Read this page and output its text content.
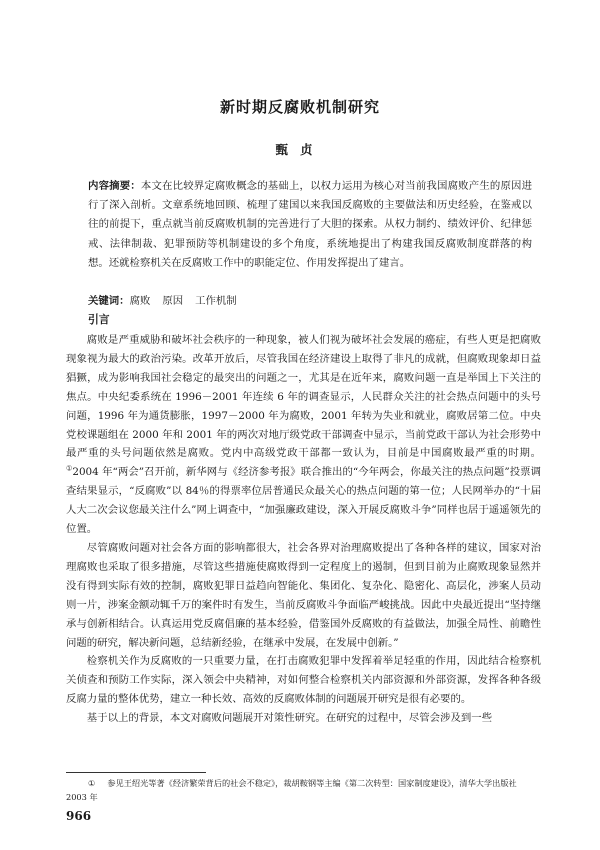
新时期反腐败机制研究
甄贞
内容摘要：本文在比较界定腐败概念的基础上，以权力运用为核心对当前我国腐败产生的原因进行了深入剖析。文章系统地回顾、梳理了建国以来我国反腐败的主要做法和历史经验，在鉴戒以往的前提下，重点就当前反腐败机制的完善进行了大胆的探索。从权力制约、绩效评价、纪律惩戒、法律制裁、犯罪预防等机制建设的多个角度，系统地提出了构建我国反腐败制度群落的构想。还就检察机关在反腐败工作中的职能定位、作用发挥提出了建言。
关键词：腐败 原因 工作机制
引言

腐败是严重威胁和破坏社会秩序的一种现象，被人们视为破坏社会发展的癌症，有些人更是把腐败现象视为最大的政治污染。改革开放后，尽管我国在经济建设上取得了非凡的成就，但腐败现象却日益猖獗，成为影响我国社会稳定的最突出的问题之一，尤其是在近年来，腐败问题一直是举国上下关注的焦点。中央纪委系统在 1996－2001 年连续 6 年的调查显示，人民群众关注的社会热点问题中的头号问题，1996 年为通货膨胀，1997－2000 年为腐败，2001 年转为失业和就业，腐败居第二位。中央党校课题组在 2000 年和 2001 年的两次对地厅级党政干部调查中显示，当前党政干部认为社会形势中最严重的头号问题依然是腐败。党内中高级党政干部都一致认为，目前是中国腐败最严重的时期。①2004 年“两会”召开前，新华网与《经济参考报》联合推出的“今年两会，你最关注的热点问题”投票调查结果显示，“反腐败”以 84％的得票率位居普通民众最关心的热点问题的第一位；人民网举办的“十届人大二次会议您最关注什么”网上调查中，“加强廉政建设，深入开展反腐败斗争”同样也居于遥遥领先的位置。

尽管腐败问题对社会各方面的影响都很大，社会各界对治理腐败提出了各种各样的建议，国家对治理腐败也采取了很多措施，尽管这些措施使腐败得到一定程度上的遏制，但到目前为止腐败现象显然并没有得到实际有效的控制，腐败犯罪日益趋向智能化、集团化、复杂化、隐密化、高层化，涉案人员动则一片，涉案金额动辄千万的案件时有发生，当前反腐败斗争面临严峻挑战。因此中央最近提出“坚持继承与创新相结合。认真运用党反腐倡廉的基本经验，借鉴国外反腐败的有益做法，加强全局性、前瞻性问题的研究，解决新问题，总结新经验，在继承中发展，在发展中创新。”

检察机关作为反腐败的一只重要力量，在打击腐败犯罪中发挥着举足轻重的作用，因此结合检察机关侦查和预防工作实际，深入领会中央精神，对如何整合检察机关内部资源和外部资源，发挥各种各级反腐力量的整体优势，建立一种长效、高效的反腐败体制的问题展开研究是很有必要的。

基于以上的背景，本文对腐败问题展开对策性研究。在研究的过程中，尽管会涉及到一些

① 参见王绍光等著《经济繁荣背后的社会不稳定》，裁胡鞍钢等主编《第二次转型：国家制度建设》，清华大学出版社
2003 年
966
